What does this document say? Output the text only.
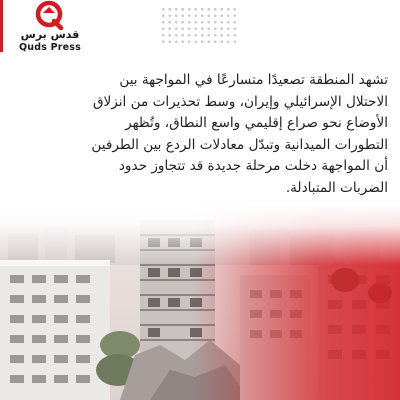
قدس برس
Quds Press

تشهد المنطقة تصعيدًا متسارعًا في المواجهة بين

الاحتلال الإسرائيلي وإيران، وسط تحذيرات من انزلاق

الأوضاع نحو صراع إقليمي واسع النطاق، وتُظهر

التطورات الميدانية وتبدّل معادلات الردع بين الطرفين

أن المواجهة دخلت مرحلة جديدة قد تتجاوز حدود

الضربات المتبادلة.
